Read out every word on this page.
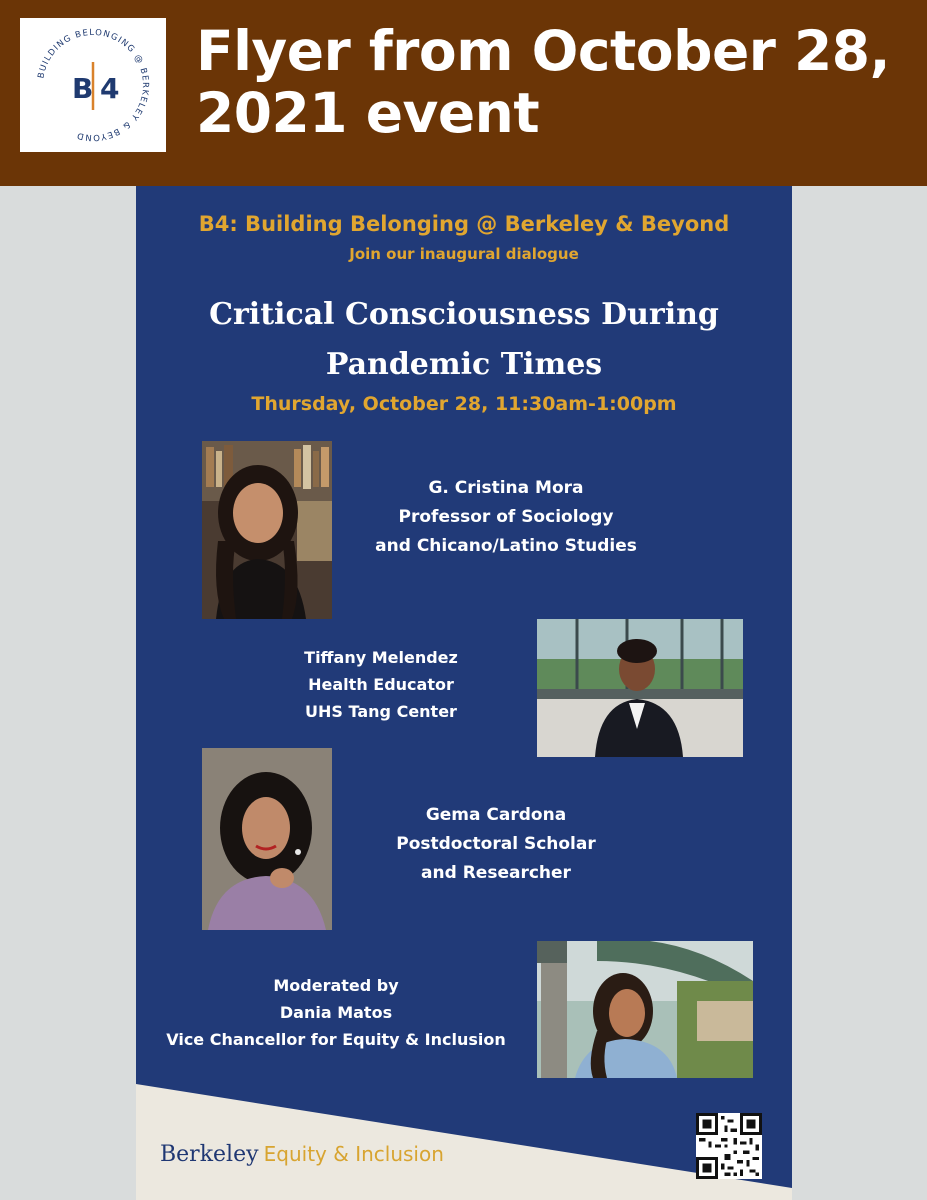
BUILDING BELONGING @ BERKELEY & BEYOND
B 4
Flyer from October 28, 2021 event
B4: Building Belonging @ Berkeley & Beyond
Join our inaugural dialogue
Critical Consciousness During
Pandemic Times
Thursday, October 28, 11:30am-1:00pm
G. Cristina Mora
Professor of Sociology
and Chicano/Latino Studies
Tiffany Melendez
Health Educator
UHS Tang Center
Gema Cardona
Postdoctoral Scholar
and Researcher
Moderated by
Dania Matos
Vice Chancellor for Equity & Inclusion
Berkeley Equity & Inclusion
